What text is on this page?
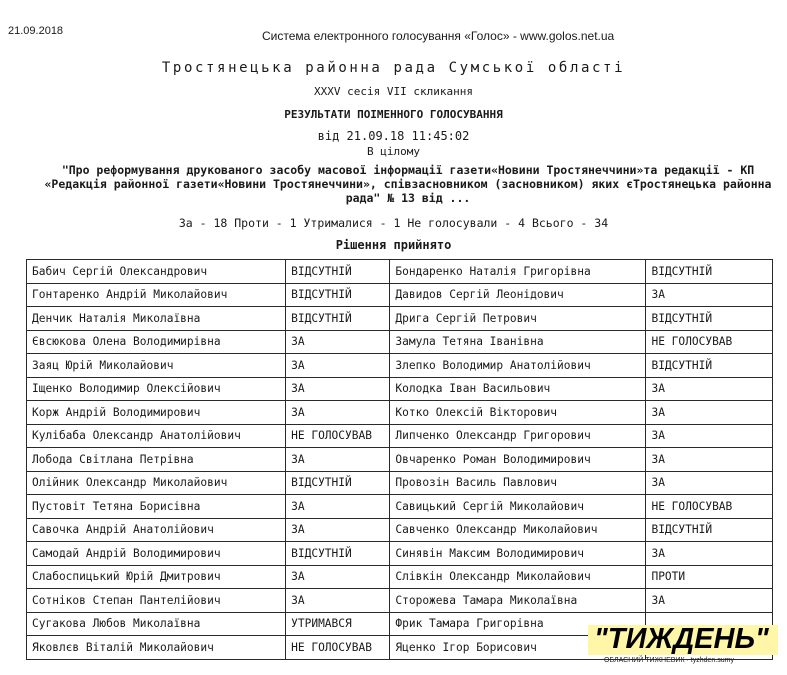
21.09.2018	Система електронного голосування «Голос» - www.golos.net.ua
Тростянецька районна рада Сумської області
XXXV сесія VII скликання
РЕЗУЛЬТАТИ ПОІМЕННОГО ГОЛОСУВАННЯ
від 21.09.18 11:45:02
В цілому
"Про реформування друкованого засобу масової інформації газети«Новини Тростянеччини»та редакції - КП «Редакція районної газети«Новини Тростянеччини», співзасновником (засновником) яких єТростянецька районна рада" № 13 від ...
За - 18 Проти - 1 Утрималися - 1 Не голосували - 4 Всього - 34
Рішення прийнято
Бабич Сергій Олександрович	ВІДСУТНІЙ	Бондаренко Наталія Григорівна	ВІДСУТНІЙ
Гонтаренко Андрій Миколайович	ВІДСУТНІЙ	Давидов Сергій Леонідович	ЗА
Денчик Наталія Миколаївна	ВІДСУТНІЙ	Дрига Сергій Петрович	ВІДСУТНІЙ
Євсюкова Олена Володимирівна	ЗА	Замула Тетяна Іванівна	НЕ ГОЛОСУВАВ
Заяц Юрій Миколайович	ЗА	Злепко Володимир Анатолійович	ВІДСУТНІЙ
Іщенко Володимир Олексійович	ЗА	Колодка Іван Васильович	ЗА
Корж Андрій Володимирович	ЗА	Котко Олексій Вікторович	ЗА
Кулібаба Олександр Анатолійович	НЕ ГОЛОСУВАВ	Липченко Олександр Григорович	ЗА
Лобода Світлана Петрівна	ЗА	Овчаренко Роман Володимирович	ЗА
Олійник Олександр Миколайович	ВІДСУТНІЙ	Провозін Василь Павлович	ЗА
Пустовіт Тетяна Борисівна	ЗА	Савицький Сергій Миколайович	НЕ ГОЛОСУВАВ
Савочка Андрій Анатолійович	ЗА	Савченко Олександр Миколайович	ВІДСУТНІЙ
Самодай Андрій Володимирович	ВІДСУТНІЙ	Синявін Максим Володимирович	ЗА
Слабоспицький Юрій Дмитрович	ЗА	Слівкін Олександр Миколайович	ПРОТИ
Сотніков Степан Пантелійович	ЗА	Сторожева Тамара Миколаївна	ЗА
Сугакова Любов Миколаївна	УТРИМАВСЯ	Фрик Тамара Григорівна	
Яковлєв Віталій Миколайович	НЕ ГОЛОСУВАВ	Яценко Ігор Борисович	"ТИЖДЕНЬ"
ОБЛАСНИЙ ТИЖНЕВИК · tyzhden.sumy
